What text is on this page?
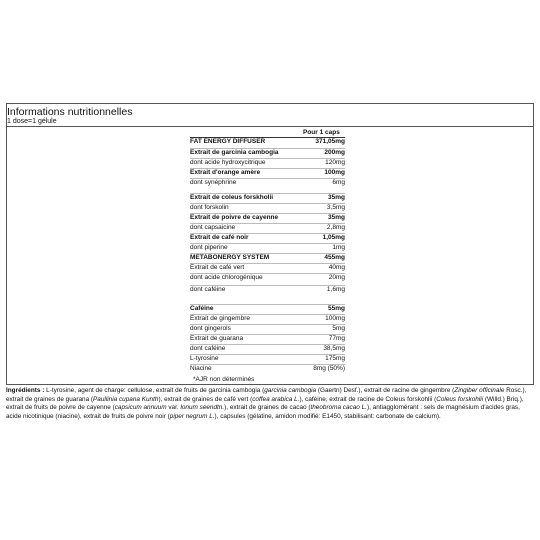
Informations nutritionnelles
1 dose=1 gélule
Pour 1 caps
FAT ENERGY DIFFUSER	371,05mg
Extrait de garcinia cambogia	200mg
dont acide hydroxycitrique	120mg
Extrait d'orange amère	100mg
dont synéphrine	6mg
Extrait de coleus forskholii	35mg
dont forskolin	3,5mg
Extrait de poivre de cayenne	35mg
dont capsaicine	2,8mg
Extrait de café noir	1,05mg
dont piperine	1mg
METABONERGY SYSTEM	455mg
Extrait de café vert	40mg
dont acide chlorogénique	20mg
dont caféine	1,6mg
Caféine	55mg
Extrait de gingembre	100mg
dont gingerols	5mg
Extrait de guarana	77mg
dont caféine	38,5mg
L-tyrosine	175mg
Niacine	8mg (50%)
*AJR non déterminés
Ingrédients : L-tyrosine, agent de charge: cellulose, extrait de fruits de garcinia cambogia (garcinia cambogia (Gaertn) Desf.), extrait de racine de gingembre (Zingiber officinale Rosc.), extrait de graines de guarana (Paullinia cupana Kunth), extrait de graines de café vert (coffea arabica L.), caféine, extrait de racine de Coleus forskohlii (Coleus forskohlii (Willd.) Briq.), extrait de fruits de poivre de cayenne (capsicum annuum var. lonum seendtn.), extrait de graines de cacao (theobroma cacao L.), antiagglomérant : sels de magnésium d'acides gras, acide nicotinique (niacine), extrait de fruits de poivre noir (piper negrum L.), capsules (gélatine, amidon modifié: E1450, stabilisant: carbonate de calcium).
